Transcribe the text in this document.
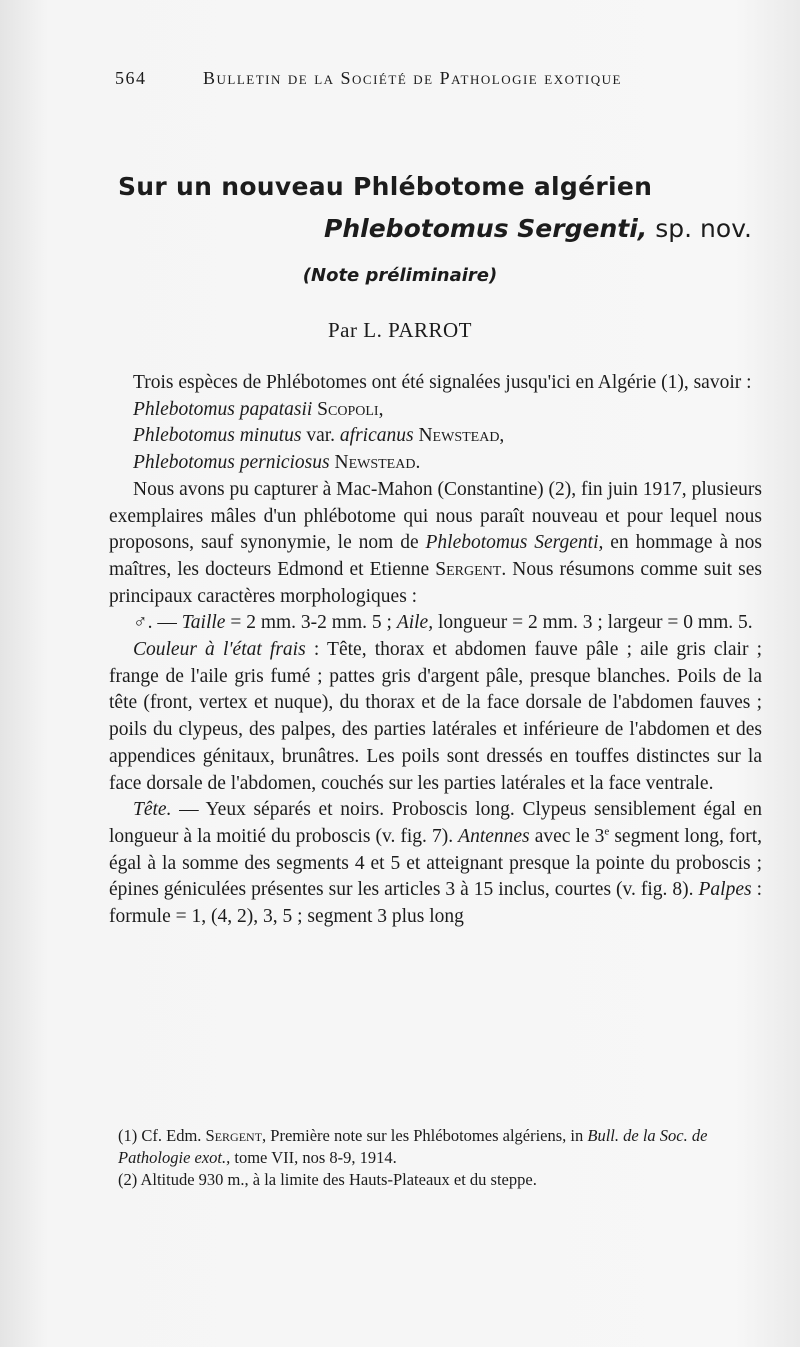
564	Bulletin de la Société de Pathologie exotique
Sur un nouveau Phlébotome algérien
Phlebotomus Sergenti, sp. nov.
(Note préliminaire)
Par L. PARROT

Trois espèces de Phlébotomes ont été signalées jusqu'ici en Algérie (1), savoir :

Phlebotomus papatasii Scopoli,

Phlebotomus minutus var. africanus Newstead,

Phlebotomus perniciosus Newstead.

Nous avons pu capturer à Mac-Mahon (Constantine) (2), fin juin 1917, plusieurs exemplaires mâles d'un phlébotome qui nous paraît nouveau et pour lequel nous proposons, sauf synonymie, le nom de Phlebotomus Sergenti, en hommage à nos maîtres, les docteurs Edmond et Etienne Sergent. Nous résumons comme suit ses principaux caractères morphologiques :

♂. — Taille = 2 mm. 3-2 mm. 5 ; Aile, longueur = 2 mm. 3 ; largeur = 0 mm. 5.

Couleur à l'état frais : Tête, thorax et abdomen fauve pâle ; aile gris clair ; frange de l'aile gris fumé ; pattes gris d'argent pâle, presque blanches. Poils de la tête (front, vertex et nuque), du thorax et de la face dorsale de l'abdomen fauves ; poils du clypeus, des palpes, des parties latérales et inférieure de l'abdomen et des appendices génitaux, brunâtres. Les poils sont dressés en touffes distinctes sur la face dorsale de l'abdomen, couchés sur les parties latérales et la face ventrale.

Tête. — Yeux séparés et noirs. Proboscis long. Clypeus sensiblement égal en longueur à la moitié du proboscis (v. fig. 7). Antennes avec le 3e segment long, fort, égal à la somme des segments 4 et 5 et atteignant presque la pointe du proboscis ; épines géniculées présentes sur les articles 3 à 15 inclus, courtes (v. fig. 8). Palpes : formule = 1, (4, 2), 3, 5 ; segment 3 plus long

(1) Cf. Edm. Sergent, Première note sur les Phlébotomes algériens, in Bull. de la Soc. de Pathologie exot., tome VII, nos 8-9, 1914.

(2) Altitude 930 m., à la limite des Hauts-Plateaux et du steppe.
